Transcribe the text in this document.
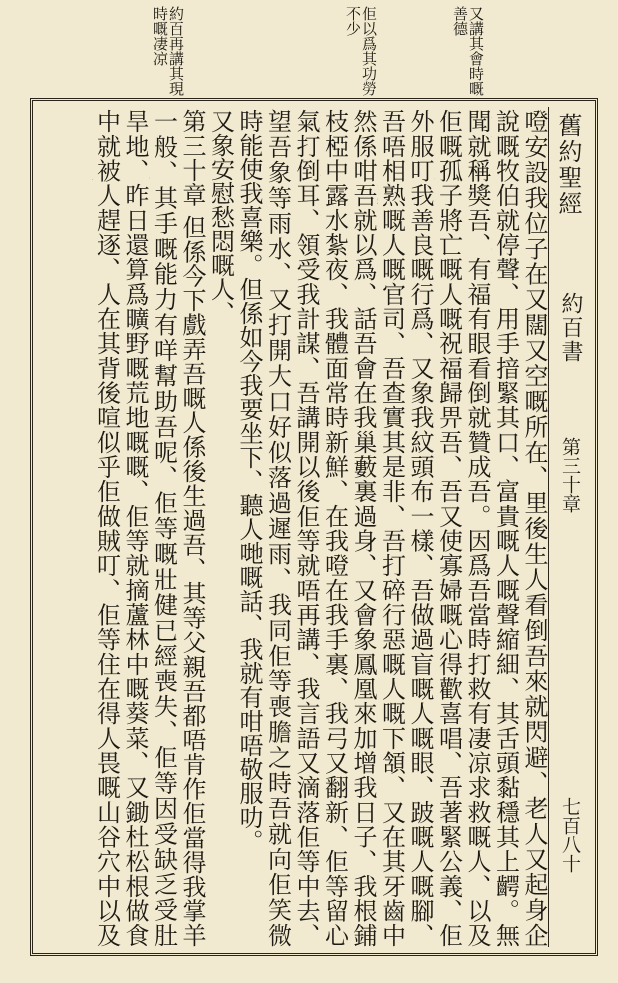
又講其會時嘅善德
佢以爲其功勞不少
約百再講其現時嘅凄凉
舊約聖經
約百書
第三十章
七百八十
噔安設我位子在又闊又空嘅所在、里後生人看倒吾來就閃避、老人又起身企
說嘅牧伯就停聲、用手揞緊其口、富貴嘅人嘅聲縮細、其舌頭黏穩其上齶。無
聞就稱獎吾、有福有眼看倒就贊成吾。因爲吾當時打救有凄凉求救嘅人、以及
佢嘅孤子將亡嘅人嘅祝福歸畀吾、吾又使寡婦嘅心得歡喜唱、吾著緊公義、佢
外服叮我善良嘅行爲、又象我紋頭布一樣、吾做過盲嘅人嘅眼、跛嘅人嘅腳、
吾唔相熟嘅人嘅官司、吾查實其是非、吾打碎行惡嘅人嘅下頷、又在其牙齒中
然係咁吾就以爲、話吾會在我巢藪裏過身、又會象鳳凰來加增我日子、我根鋪
枝椏中露水紮夜、我體面常時新鮮、在我噔在我手裏、我弓又翻新、佢等留心
氣打倒耳、領受我計謀、吾講開以後佢等就唔再講、我言語又滴落佢等中去、
望吾象等雨水、又打開大口好似落過遲雨、我同佢等喪膽之時吾就向佢笑微
時能使我喜樂。但係如今我要坐下、聽人哋嘅話、我就有咁唔敬服叻。
又象安慰愁悶嘅人、
第三十章 但係今下戲弄吾嘅人係後生過吾、其等父親吾都唔肯作佢當得我掌羊
一般、其手嘅能力有咩幫助吾呢、佢等嘅壯健已經喪失、佢等因受缺乏受肚
旱地、昨日還算爲曠野嘅荒地嘅嘅、佢等就摘蘆林中嘅葵菜、又鋤杜松根做食
中就被人趕逐、人在其背後喧似乎佢做賊叮、佢等住在得人畏嘅山谷穴中以及
